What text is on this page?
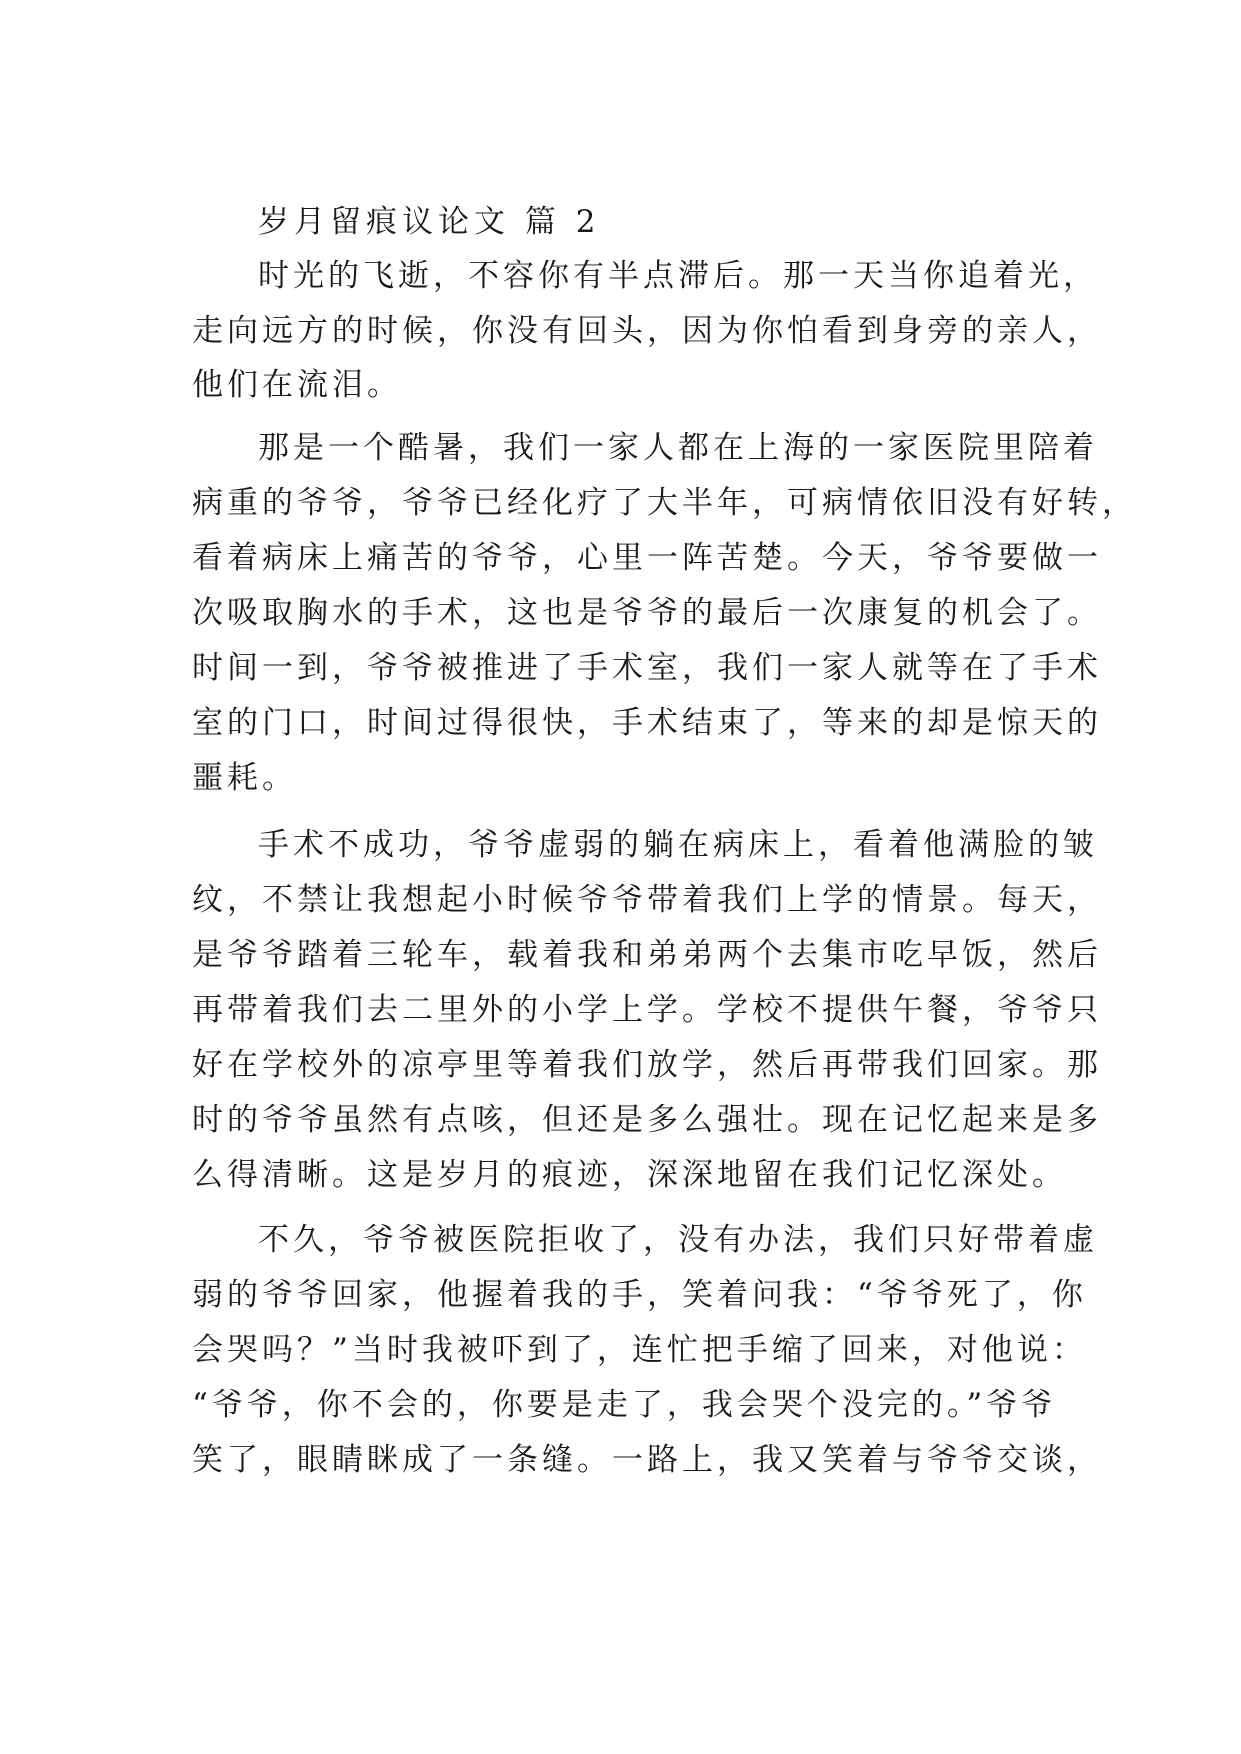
岁月留痕议论文 篇 2
时光的飞逝，不容你有半点滞后。那一天当你追着光，
走向远方的时候，你没有回头，因为你怕看到身旁的亲人，
他们在流泪。
那是一个酷暑，我们一家人都在上海的一家医院里陪着
病重的爷爷，爷爷已经化疗了大半年，可病情依旧没有好转，
看着病床上痛苦的爷爷，心里一阵苦楚。今天，爷爷要做一
次吸取胸水的手术，这也是爷爷的最后一次康复的机会了。
时间一到，爷爷被推进了手术室，我们一家人就等在了手术
室的门口，时间过得很快，手术结束了，等来的却是惊天的
噩耗。
手术不成功，爷爷虚弱的躺在病床上，看着他满脸的皱
纹，不禁让我想起小时候爷爷带着我们上学的情景。每天，
是爷爷踏着三轮车，载着我和弟弟两个去集市吃早饭，然后
再带着我们去二里外的小学上学。学校不提供午餐，爷爷只
好在学校外的凉亭里等着我们放学，然后再带我们回家。那
时的爷爷虽然有点咳，但还是多么强壮。现在记忆起来是多
么得清晰。这是岁月的痕迹，深深地留在我们记忆深处。
不久，爷爷被医院拒收了，没有办法，我们只好带着虚
弱的爷爷回家，他握着我的手，笑着问我：“爷爷死了，你
会哭吗？”当时我被吓到了，连忙把手缩了回来，对他说：
“爷爷，你不会的，你要是走了，我会哭个没完的。”爷爷
笑了，眼睛眯成了一条缝。一路上，我又笑着与爷爷交谈，
